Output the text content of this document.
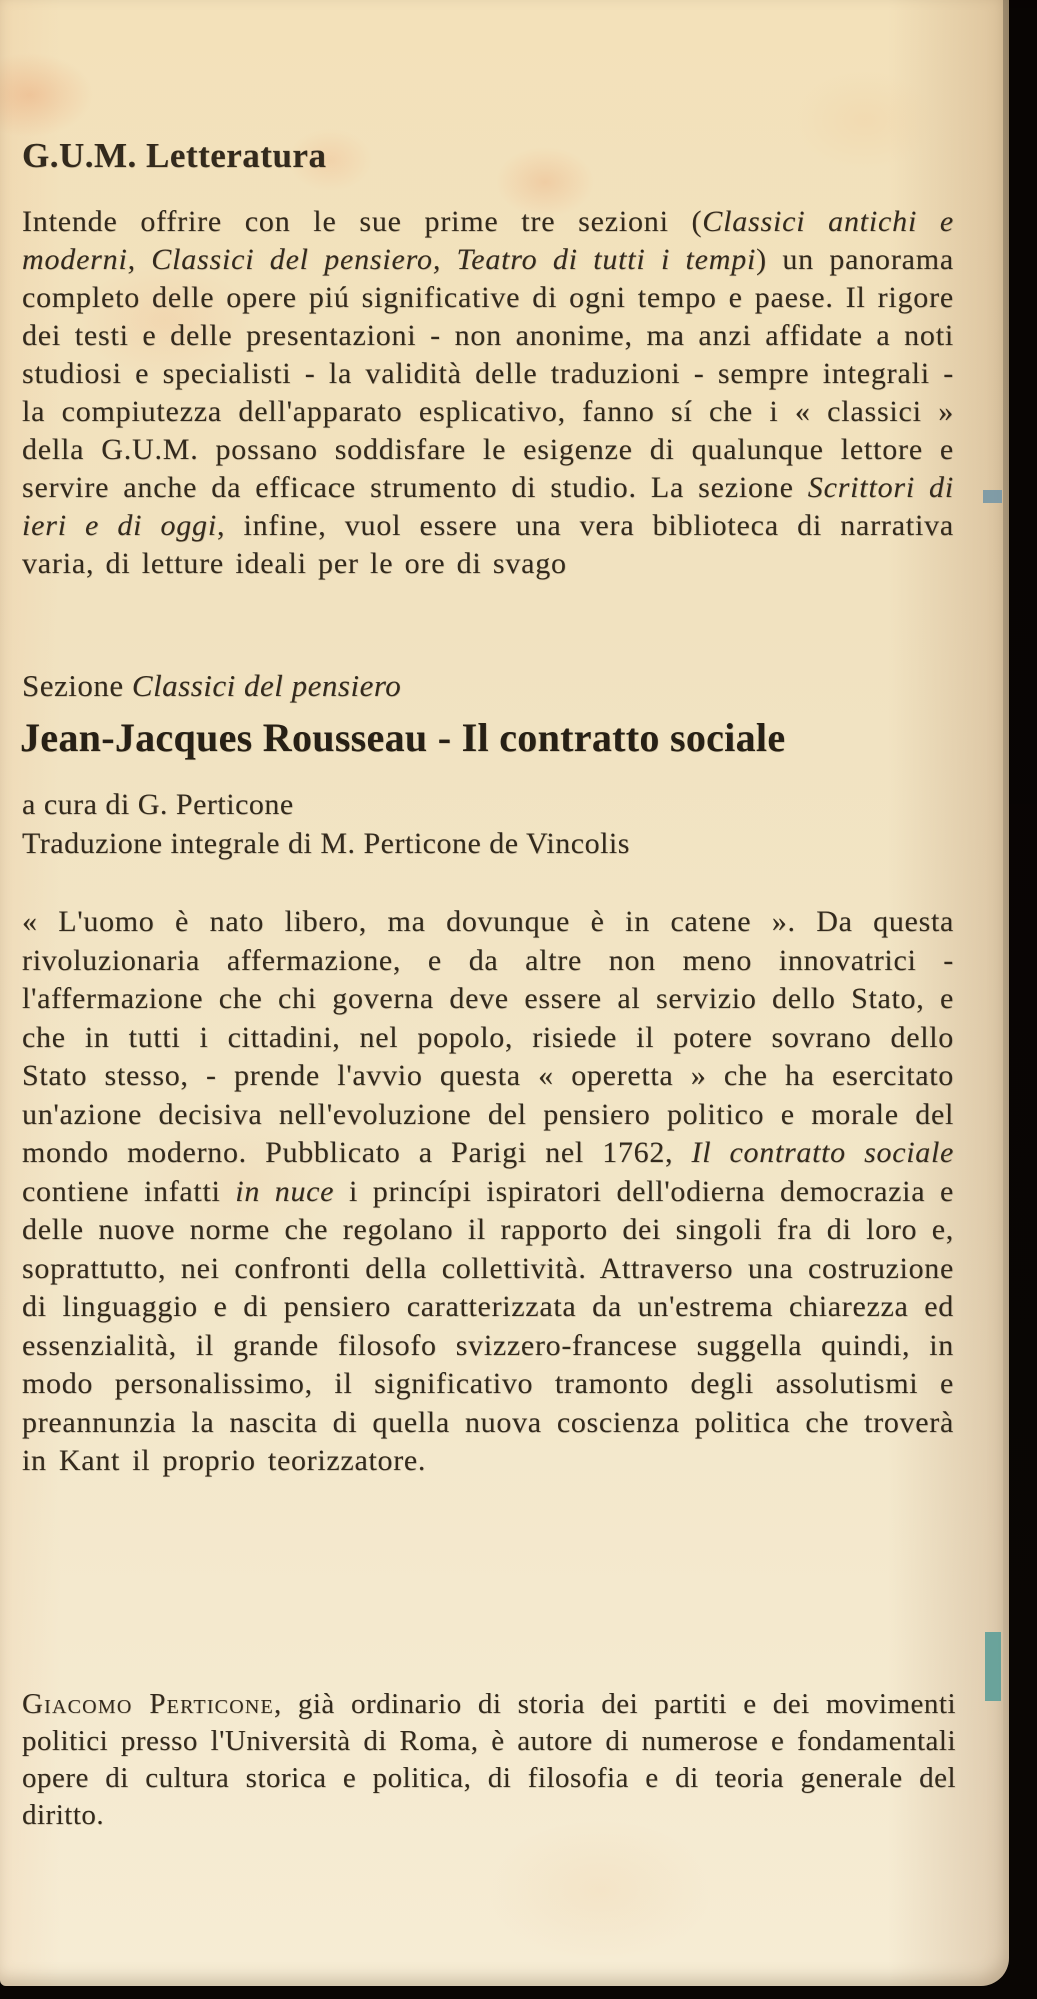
G.U.M. Letteratura

Intende offrire con le sue prime tre sezioni (Classici antichi e moderni, Classici del pensiero, Teatro di tutti i tempi) un panorama completo delle opere piú significative di ogni tempo e paese. Il rigore dei testi e delle presentazioni - non anonime, ma anzi affidate a noti studiosi e specialisti - la validità delle traduzioni - sempre integrali - la compiutezza dell'apparato esplicativo, fanno sí che i « classici » della G.U.M. possano soddisfare le esigenze di qualunque lettore e servire anche da efficace strumento di studio. La sezione Scrittori di ieri e di oggi, infine, vuol essere una vera biblioteca di narrativa varia, di letture ideali per le ore di svago

Sezione Classici del pensiero

Jean-Jacques Rousseau - Il contratto sociale

a cura di G. Perticone

Traduzione integrale di M. Perticone de Vincolis

« L'uomo è nato libero, ma dovunque è in catene ». Da questa rivoluzionaria affermazione, e da altre non meno innovatrici - l'affermazione che chi governa deve essere al servizio dello Stato, e che in tutti i cittadini, nel popolo, risiede il potere sovrano dello Stato stesso, - prende l'avvio questa « operetta » che ha esercitato un'azione decisiva nell'evoluzione del pensiero politico e morale del mondo moderno. Pubblicato a Parigi nel 1762, Il contratto sociale contiene infatti in nuce i princípi ispiratori dell'odierna democrazia e delle nuove norme che regolano il rapporto dei singoli fra di loro e, soprattutto, nei confronti della collettività. Attraverso una costruzione di linguaggio e di pensiero caratterizzata da un'estrema chiarezza ed essenzialità, il grande filosofo svizzero-francese suggella quindi, in modo personalissimo, il significativo tramonto degli assolutismi e preannunzia la nascita di quella nuova coscienza politica che troverà in Kant il proprio teorizzatore.

Giacomo Perticone, già ordinario di storia dei partiti e dei movimenti politici presso l'Università di Roma, è autore di numerose e fondamentali opere di cultura storica e politica, di filosofia e di teoria generale del diritto.
